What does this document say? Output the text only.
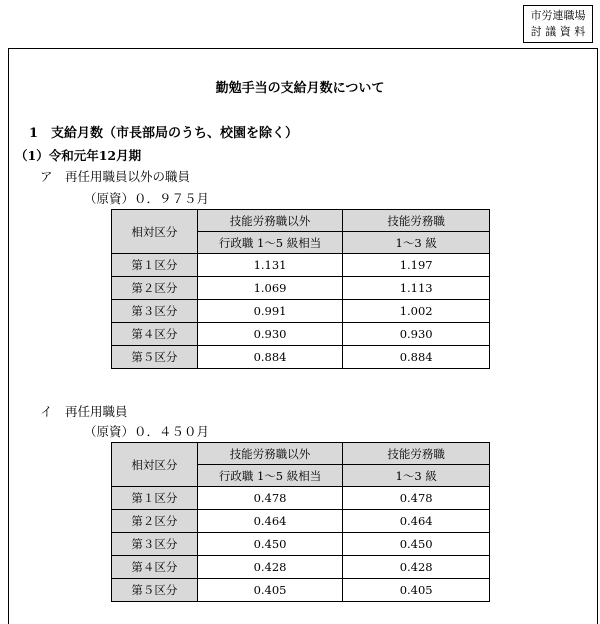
市労連職場
討 議 資 料
勤勉手当の支給月数について
1　支給月数（市長部局のうち、校園を除く）
（1）令和元年12月期
ア　再任用職員以外の職員
（原資）０．９７５月
相対区分	技能労務職以外	技能労務職
	行政職 1～5 級相当	1～3 級
第１区分	1.131	1.197
第２区分	1.069	1.113
第３区分	0.991	1.002
第４区分	0.930	0.930
第５区分	0.884	0.884
イ　再任用職員
（原資）０．４５０月
相対区分	技能労務職以外	技能労務職
	行政職 1～5 級相当	1～3 級
第１区分	0.478	0.478
第２区分	0.464	0.464
第３区分	0.450	0.450
第４区分	0.428	0.428
第５区分	0.405	0.405
